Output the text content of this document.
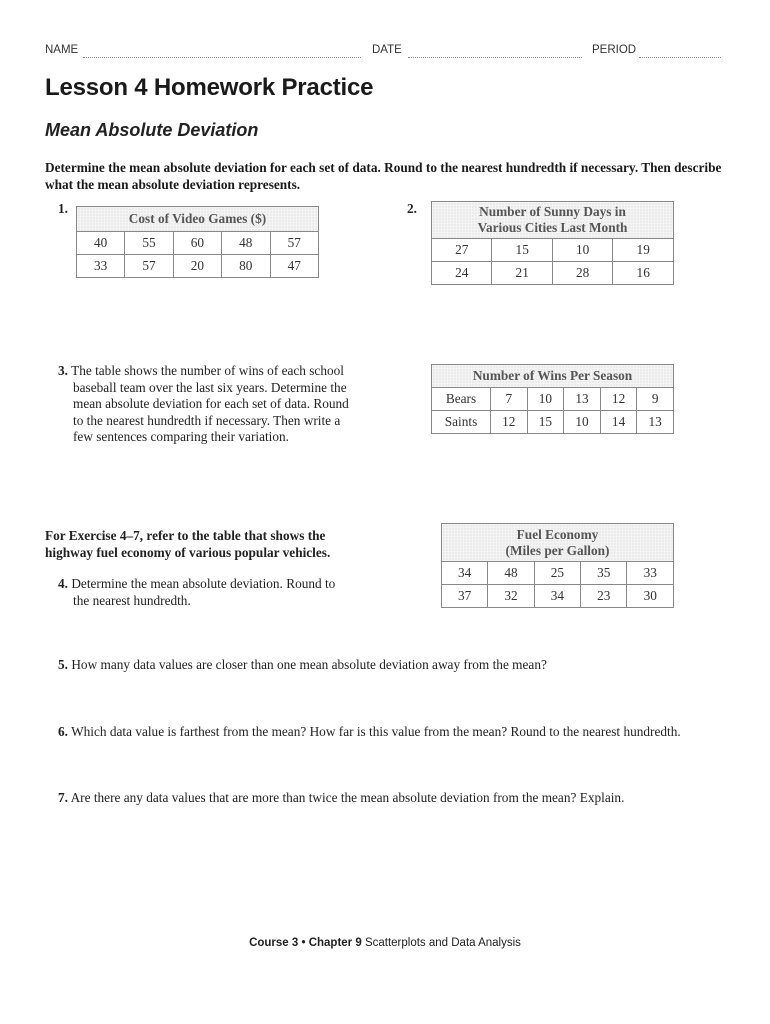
NAME	DATE	PERIOD
Lesson 4 Homework Practice
Mean Absolute Deviation
Determine the mean absolute deviation for each set of data. Round to the nearest hundredth if necessary. Then describe what the mean absolute deviation represents.
1.
Cost of Video Games ($)				
40	55	60	48	57
33	57	20	80	47
2.	Number of Sunny Days in
Various Cities Last Month			
27	15	10	19
24	21	28	16
3. The table shows the number of wins of each school
baseball team over the last six years. Determine the
mean absolute deviation for each set of data. Round
to the nearest hundredth if necessary. Then write a
few sentences comparing their variation.
Number of Wins Per Season					
Bears	7	10	13	12	9
Saints	12	15	10	14	13
For Exercise 4–7, refer to the table that shows the
highway fuel economy of various popular vehicles.
4. Determine the mean absolute deviation. Round to
the nearest hundredth.
Fuel Economy
(Miles per Gallon)				
34	48	25	35	33
37	32	34	23	30
5. How many data values are closer than one mean absolute deviation away from the mean?
6. Which data value is farthest from the mean? How far is this value from the mean? Round to the nearest hundredth.
7. Are there any data values that are more than twice the mean absolute deviation from the mean? Explain.
Course 3 • Chapter 9 Scatterplots and Data Analysis
